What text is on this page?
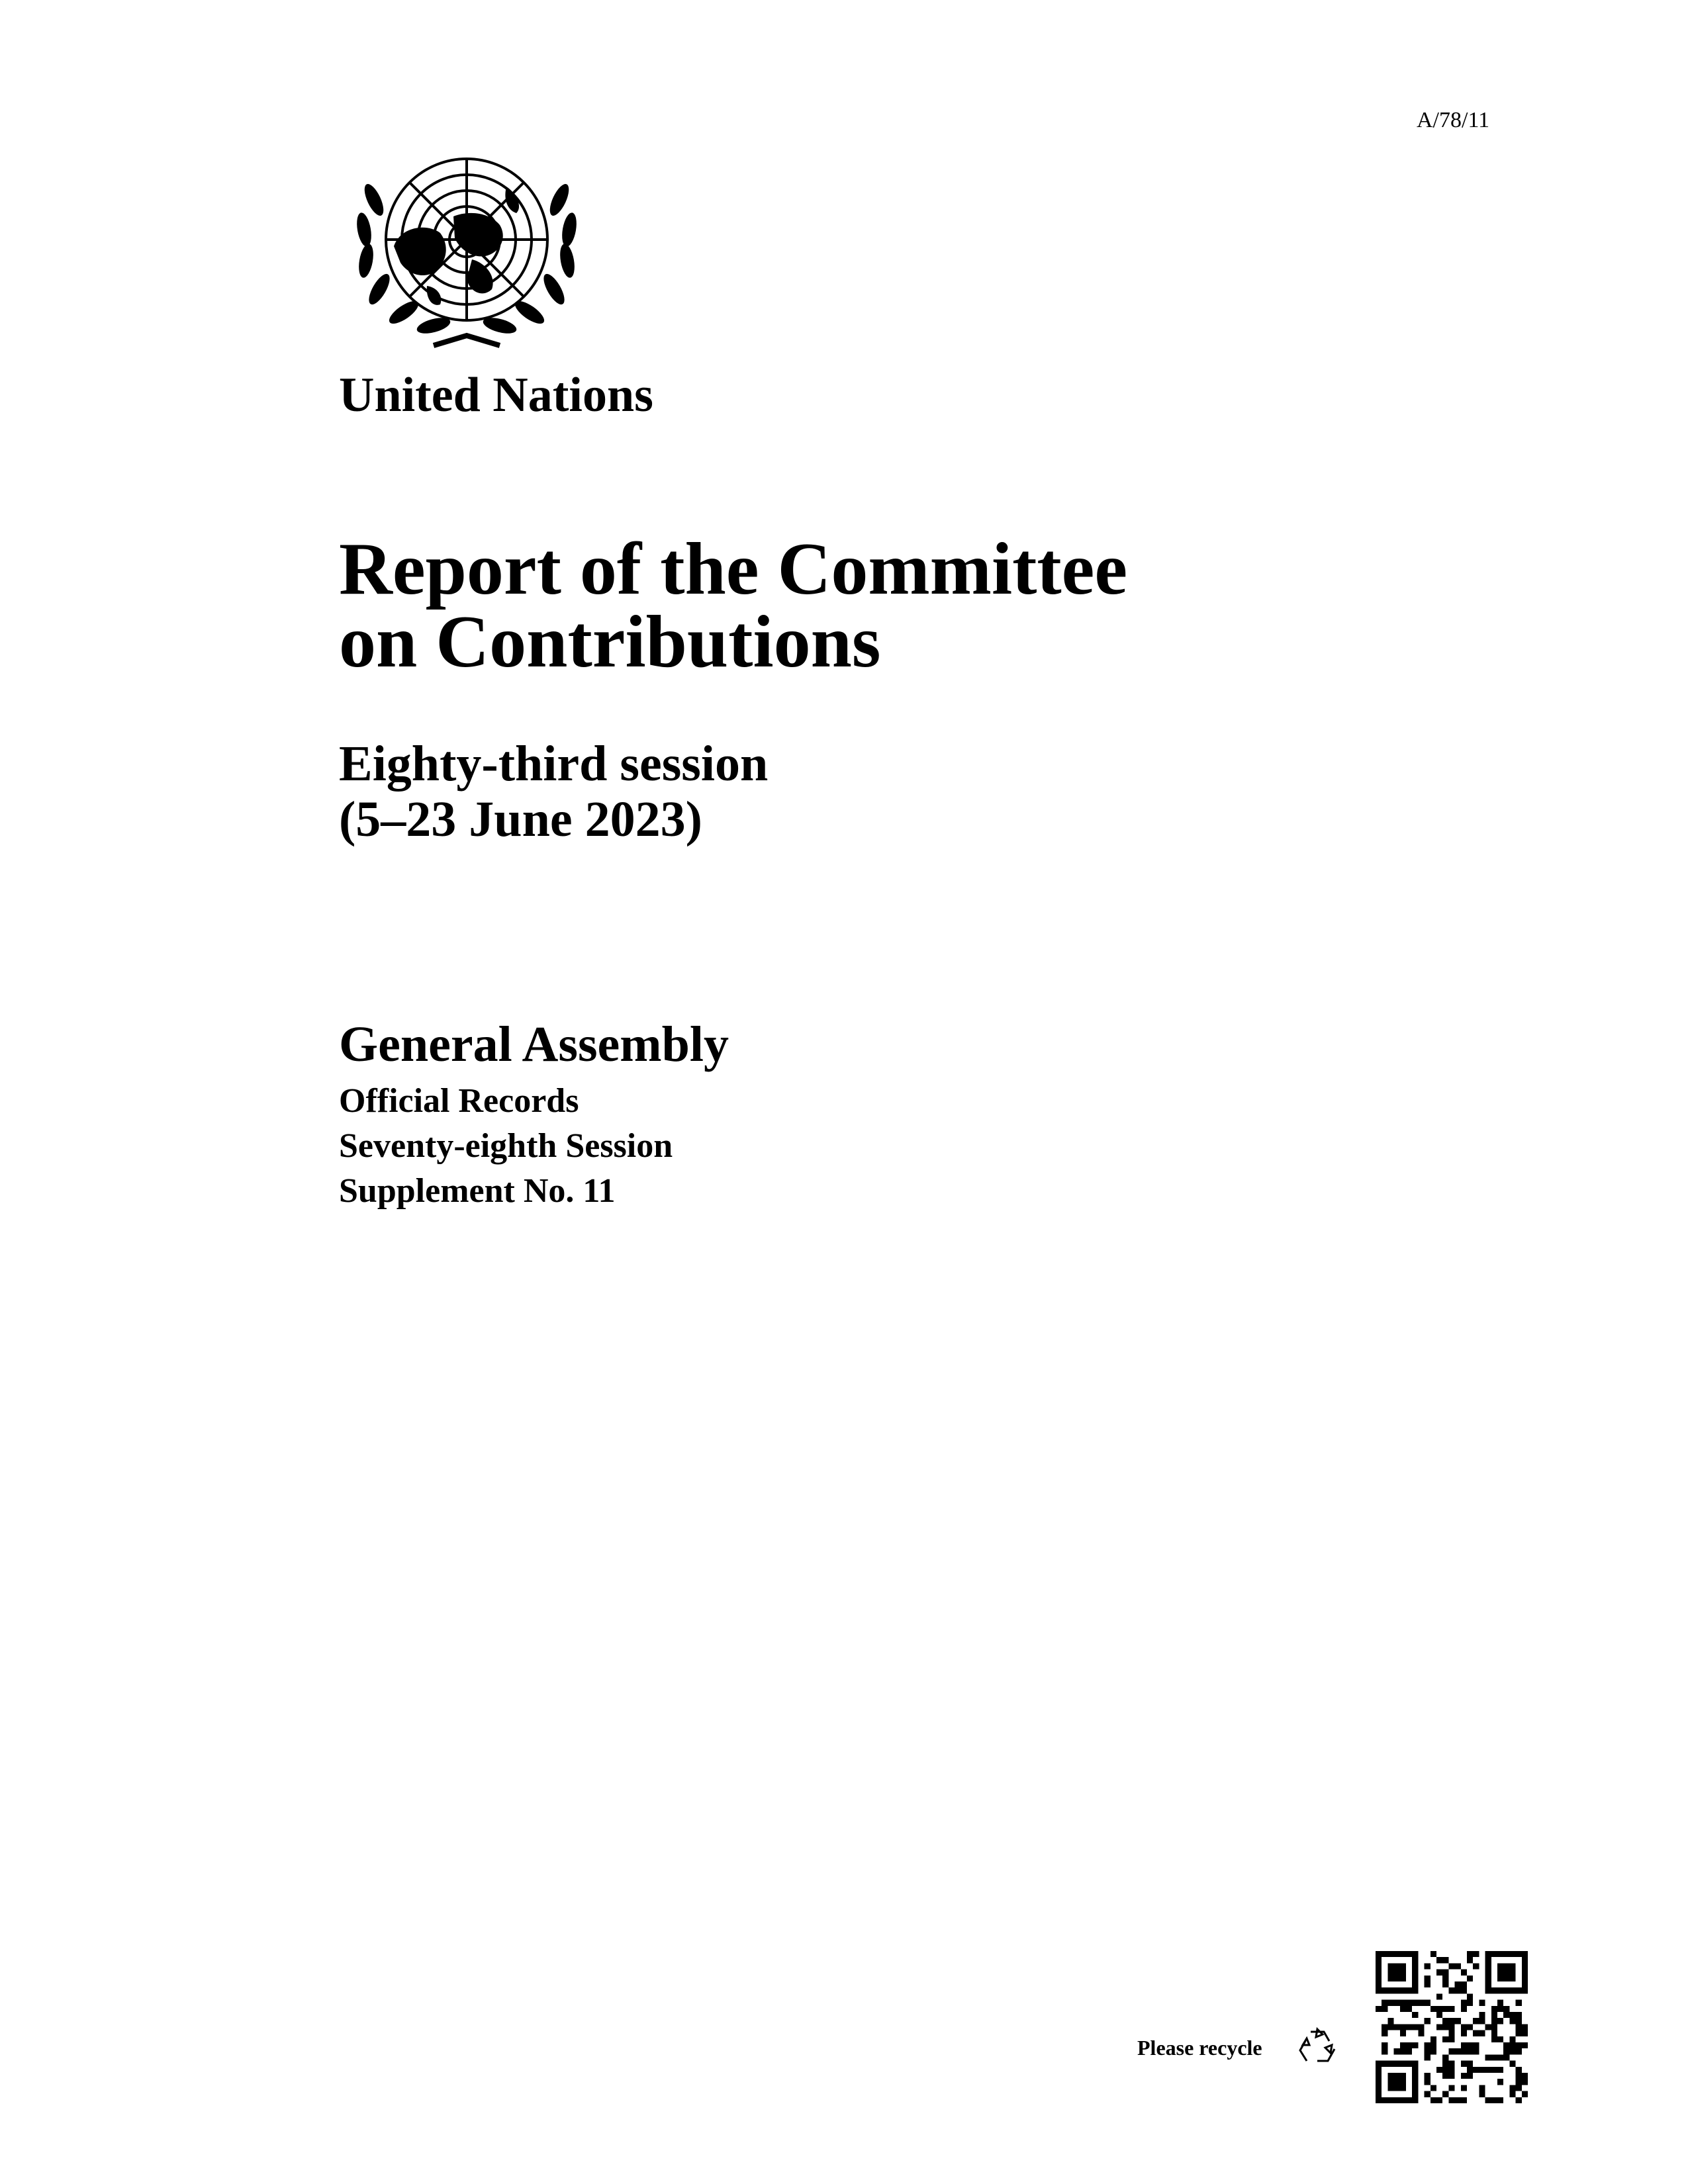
A/78/11
United Nations
Report of the Committee
on Contributions
Eighty-third session
(5–23 June 2023)
General Assembly
Official Records
Seventy-eighth Session
Supplement No. 11
Please recycle
